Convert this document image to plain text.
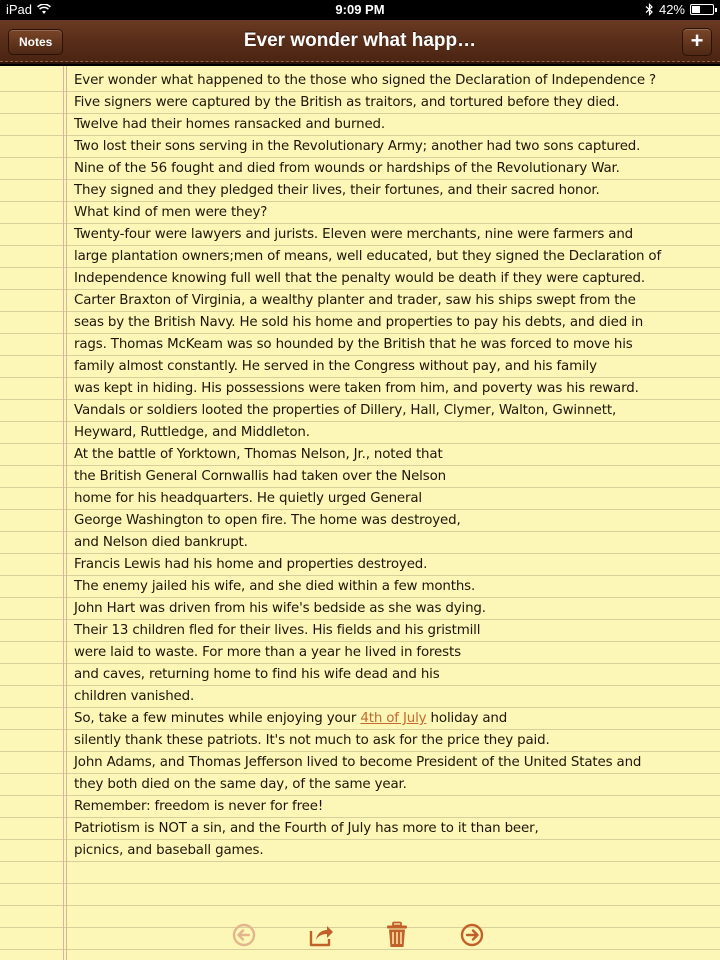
iPad	9:09 PM	42%
Ever wonder what happ…
Notes	+
Ever wonder what happened to the those who signed the Declaration of Independence ?
Five signers were captured by the British as traitors, and tortured before they died.
Twelve had their homes ransacked and burned.
Two lost their sons serving in the Revolutionary Army; another had two sons captured.
Nine of the 56 fought and died from wounds or hardships of the Revolutionary War.
They signed and they pledged their lives, their fortunes, and their sacred honor.
What kind of men were they?
Twenty-four were lawyers and jurists. Eleven were merchants, nine were farmers and
large plantation owners;men of means, well educated, but they signed the Declaration of
Independence knowing full well that the penalty would be death if they were captured.
Carter Braxton of Virginia, a wealthy planter and trader, saw his ships swept from the
seas by the British Navy. He sold his home and properties to pay his debts, and died in
rags. Thomas McKeam was so hounded by the British that he was forced to move his
family almost constantly. He served in the Congress without pay, and his family
was kept in hiding. His possessions were taken from him, and poverty was his reward.
Vandals or soldiers looted the properties of Dillery, Hall, Clymer, Walton, Gwinnett,
Heyward, Ruttledge, and Middleton.
At the battle of Yorktown, Thomas Nelson, Jr., noted that
the British General Cornwallis had taken over the Nelson
home for his headquarters. He quietly urged General
George Washington to open fire. The home was destroyed,
and Nelson died bankrupt.
Francis Lewis had his home and properties destroyed.
The enemy jailed his wife, and she died within a few months.
John Hart was driven from his wife's bedside as she was dying.
Their 13 children fled for their lives. His fields and his gristmill
were laid to waste. For more than a year he lived in forests
and caves, returning home to find his wife dead and his
children vanished.
So, take a few minutes while enjoying your 4th of July holiday and
silently thank these patriots. It's not much to ask for the price they paid.
John Adams, and Thomas Jefferson lived to become President of the United States and
they both died on the same day, of the same year.
Remember: freedom is never for free!
Patriotism is NOT a sin, and the Fourth of July has more to it than beer,
picnics, and baseball games.
